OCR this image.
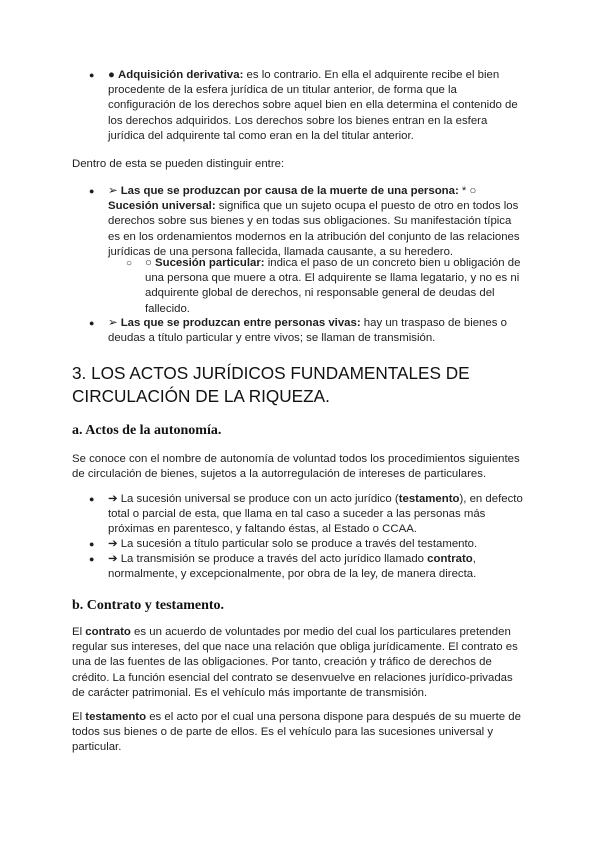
● ● Adquisición derivativa: es lo contrario. En ella el adquirente recibe el bien procedente de la esfera jurídica de un titular anterior, de forma que la configuración de los derechos sobre aquel bien en ella determina el contenido de los derechos adquiridos. Los derechos sobre los bienes entran en la esfera jurídica del adquirente tal como eran en la del titular anterior.
Dentro de esta se pueden distinguir entre:
● ➢ Las que se produzcan por causa de la muerte de una persona: * ○ Sucesión universal: significa que un sujeto ocupa el puesto de otro en todos los derechos sobre sus bienes y en todas sus obligaciones. Su manifestación típica es en los ordenamientos modernos en la atribución del conjunto de las relaciones jurídicas de una persona fallecida, llamada causante, a su heredero.
○ ○ Sucesión particular: indica el paso de un concreto bien u obligación de una persona que muere a otra. El adquirente se llama legatario, y no es ni adquirente global de derechos, ni responsable general de deudas del fallecido.
● ➢ Las que se produzcan entre personas vivas: hay un traspaso de bienes o deudas a título particular y entre vivos; se llaman de transmisión.
3. LOS ACTOS JURÍDICOS FUNDAMENTALES DE CIRCULACIÓN DE LA RIQUEZA.
a. Actos de la autonomía.
Se conoce con el nombre de autonomía de voluntad todos los procedimientos siguientes de circulación de bienes, sujetos a la autorregulación de intereses de particulares.
● ➔ La sucesión universal se produce con un acto jurídico (testamento), en defecto total o parcial de esta, que llama en tal caso a suceder a las personas más próximas en parentesco, y faltando éstas, al Estado o CCAA.
● ➔ La sucesión a título particular solo se produce a través del testamento.
● ➔ La transmisión se produce a través del acto jurídico llamado contrato, normalmente, y excepcionalmente, por obra de la ley, de manera directa.
b. Contrato y testamento.
El contrato es un acuerdo de voluntades por medio del cual los particulares pretenden regular sus intereses, del que nace una relación que obliga jurídicamente. El contrato es una de las fuentes de las obligaciones. Por tanto, creación y tráfico de derechos de crédito. La función esencial del contrato se desenvuelve en relaciones jurídico-privadas de carácter patrimonial. Es el vehículo más importante de transmisión.
El testamento es el acto por el cual una persona dispone para después de su muerte de todos sus bienes o de parte de ellos. Es el vehículo para las sucesiones universal y particular.
